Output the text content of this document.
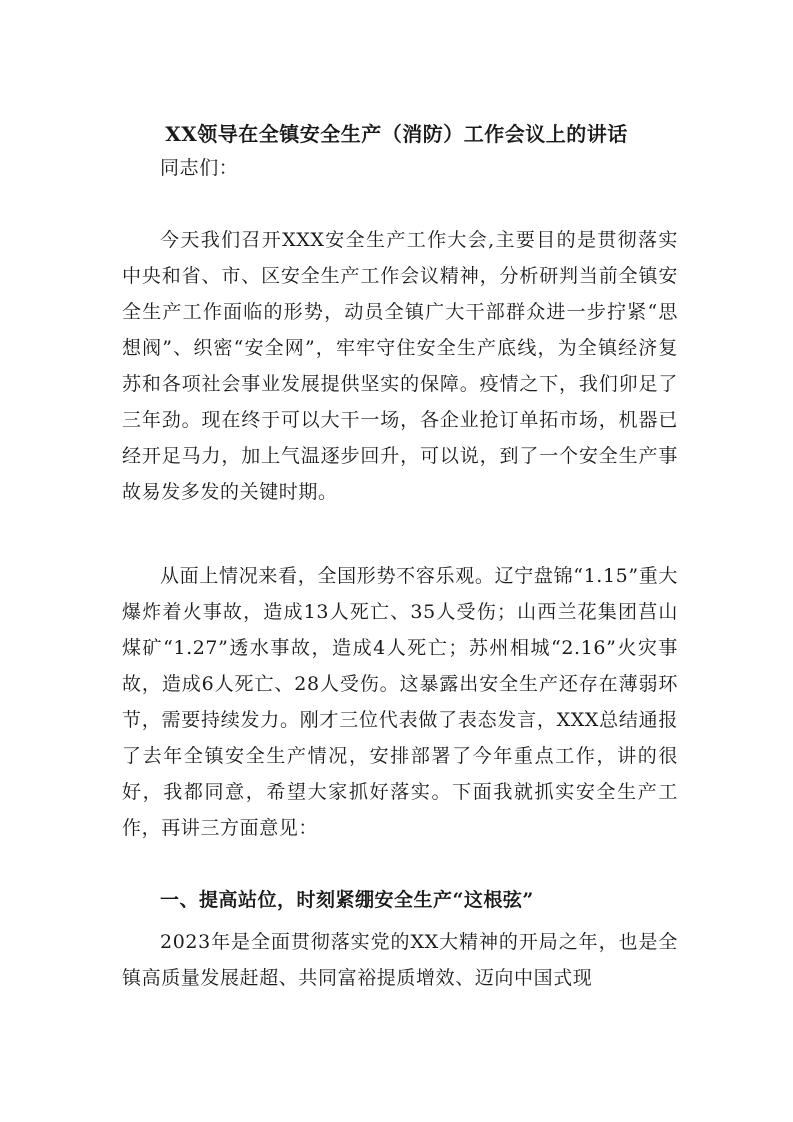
XX领导在全镇安全生产（消防）工作会议上的讲话

同志们：

今天我们召开XXX安全生产工作大会,主要目的是贯彻落实中央和省、市、区安全生产工作会议精神，分析研判当前全镇安全生产工作面临的形势，动员全镇广大干部群众进一步拧紧“思想阀”、织密“安全网”，牢牢守住安全生产底线，为全镇经济复苏和各项社会事业发展提供坚实的保障。疫情之下，我们卯足了三年劲。现在终于可以大干一场，各企业抢订单拓市场，机器已经开足马力，加上气温逐步回升，可以说，到了一个安全生产事故易发多发的关键时期。

从面上情况来看，全国形势不容乐观。辽宁盘锦“1.15”重大爆炸着火事故，造成13人死亡、35人受伤；山西兰花集团莒山煤矿“1.27”透水事故，造成4人死亡；苏州相城“2.16”火灾事故，造成6人死亡、28人受伤。这暴露出安全生产还存在薄弱环节，需要持续发力。刚才三位代表做了表态发言，XXX总结通报了去年全镇安全生产情况，安排部署了今年重点工作，讲的很好，我都同意，希望大家抓好落实。下面我就抓实安全生产工作，再讲三方面意见：

一、提高站位，时刻紧绷安全生产“这根弦”

2023年是全面贯彻落实党的XX大精神的开局之年，也是全镇高质量发展赶超、共同富裕提质增效、迈向中国式现
